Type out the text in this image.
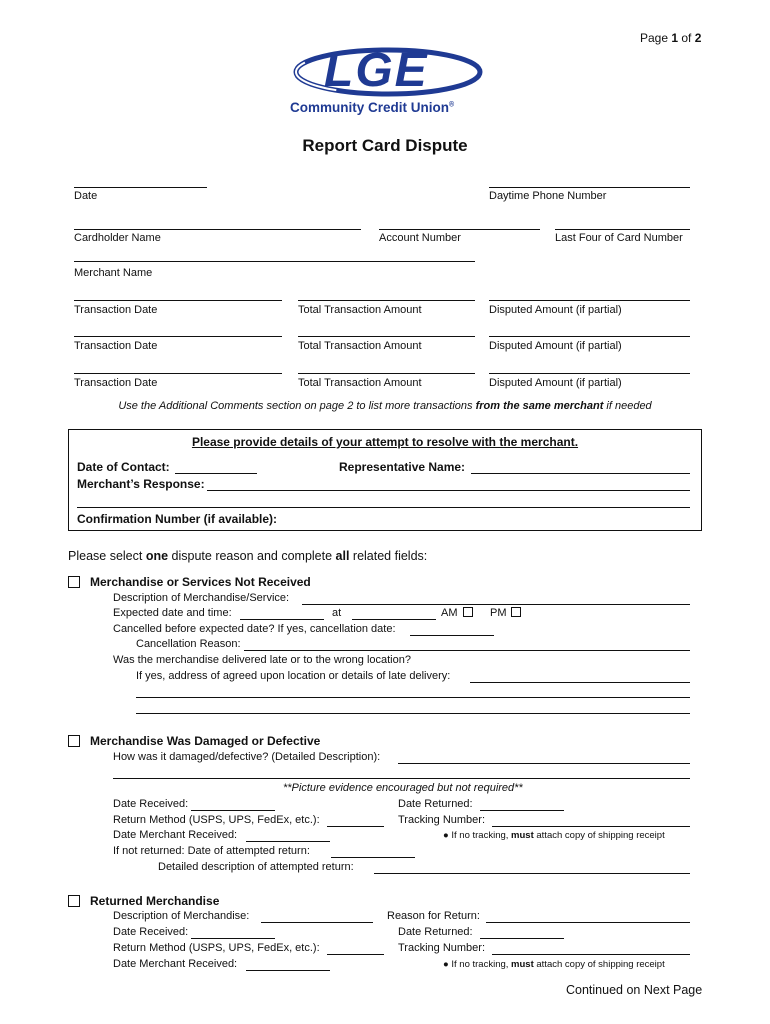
Page 1 of 2
LGE
Community Credit Union®
Report Card Dispute
Date	Daytime Phone Number
Cardholder Name	Account Number	Last Four of Card Number
Merchant Name
Transaction Date	Total Transaction Amount	Disputed Amount (if partial)
Transaction Date	Total Transaction Amount	Disputed Amount (if partial)
Transaction Date	Total Transaction Amount	Disputed Amount (if partial)
Use the Additional Comments section on page 2 to list more transactions from the same merchant if needed
Please provide details of your attempt to resolve with the merchant.
Date of Contact:	Representative Name:
Merchant’s Response:
Confirmation Number (if available):
Please select one dispute reason and complete all related fields:
Merchandise or Services Not Received
Description of Merchandise/Service:
Expected date and time:	at	AM	PM
Cancelled before expected date? If yes, cancellation date:
Cancellation Reason:
Was the merchandise delivered late or to the wrong location?
If yes, address of agreed upon location or details of late delivery:
Merchandise Was Damaged or Defective
How was it damaged/defective? (Detailed Description):
**Picture evidence encouraged but not required**
Date Received:	Date Returned:
Return Method (USPS, UPS, FedEx, etc.):	Tracking Number:
Date Merchant Received:	● If no tracking, must attach copy of shipping receipt
If not returned: Date of attempted return:
Detailed description of attempted return:
Returned Merchandise
Description of Merchandise:	Reason for Return:
Date Received:	Date Returned:
Return Method (USPS, UPS, FedEx, etc.):	Tracking Number:
Date Merchant Received:	● If no tracking, must attach copy of shipping receipt
Continued on Next Page
